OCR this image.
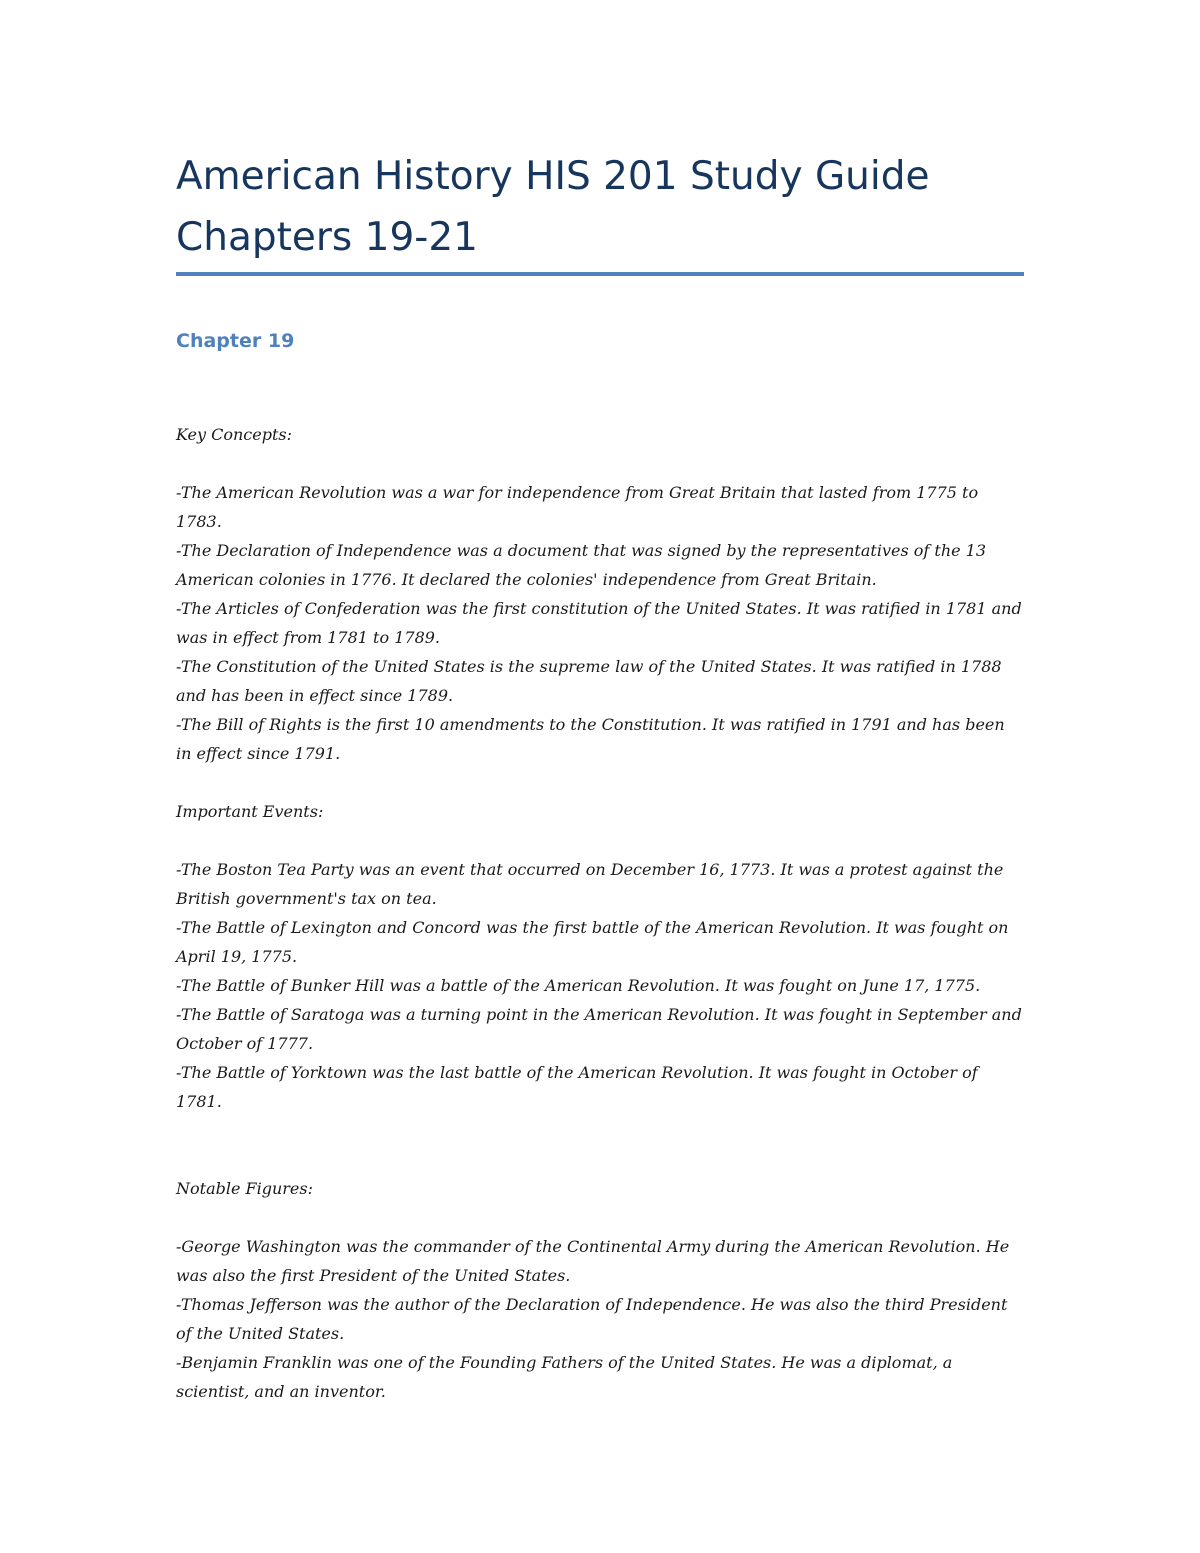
American History HIS 201 Study Guide
Chapters 19-21
Chapter 19

Key Concepts:

-The American Revolution was a war for independence from Great Britain that lasted from 1775 to 1783.
-The Declaration of Independence was a document that was signed by the representatives of the 13 American colonies in 1776. It declared the colonies' independence from Great Britain.
-The Articles of Confederation was the first constitution of the United States. It was ratified in 1781 and was in effect from 1781 to 1789.
-The Constitution of the United States is the supreme law of the United States. It was ratified in 1788 and has been in effect since 1789.
-The Bill of Rights is the first 10 amendments to the Constitution. It was ratified in 1791 and has been in effect since 1791.

Important Events:

-The Boston Tea Party was an event that occurred on December 16, 1773. It was a protest against the British government's tax on tea.
-The Battle of Lexington and Concord was the first battle of the American Revolution. It was fought on April 19, 1775.
-The Battle of Bunker Hill was a battle of the American Revolution. It was fought on June 17, 1775.
-The Battle of Saratoga was a turning point in the American Revolution. It was fought in September and October of 1777.
-The Battle of Yorktown was the last battle of the American Revolution. It was fought in October of 1781.

Notable Figures:

-George Washington was the commander of the Continental Army during the American Revolution. He was also the first President of the United States.
-Thomas Jefferson was the author of the Declaration of Independence. He was also the third President of the United States.
-Benjamin Franklin was one of the Founding Fathers of the United States. He was a diplomat, a scientist, and an inventor.
